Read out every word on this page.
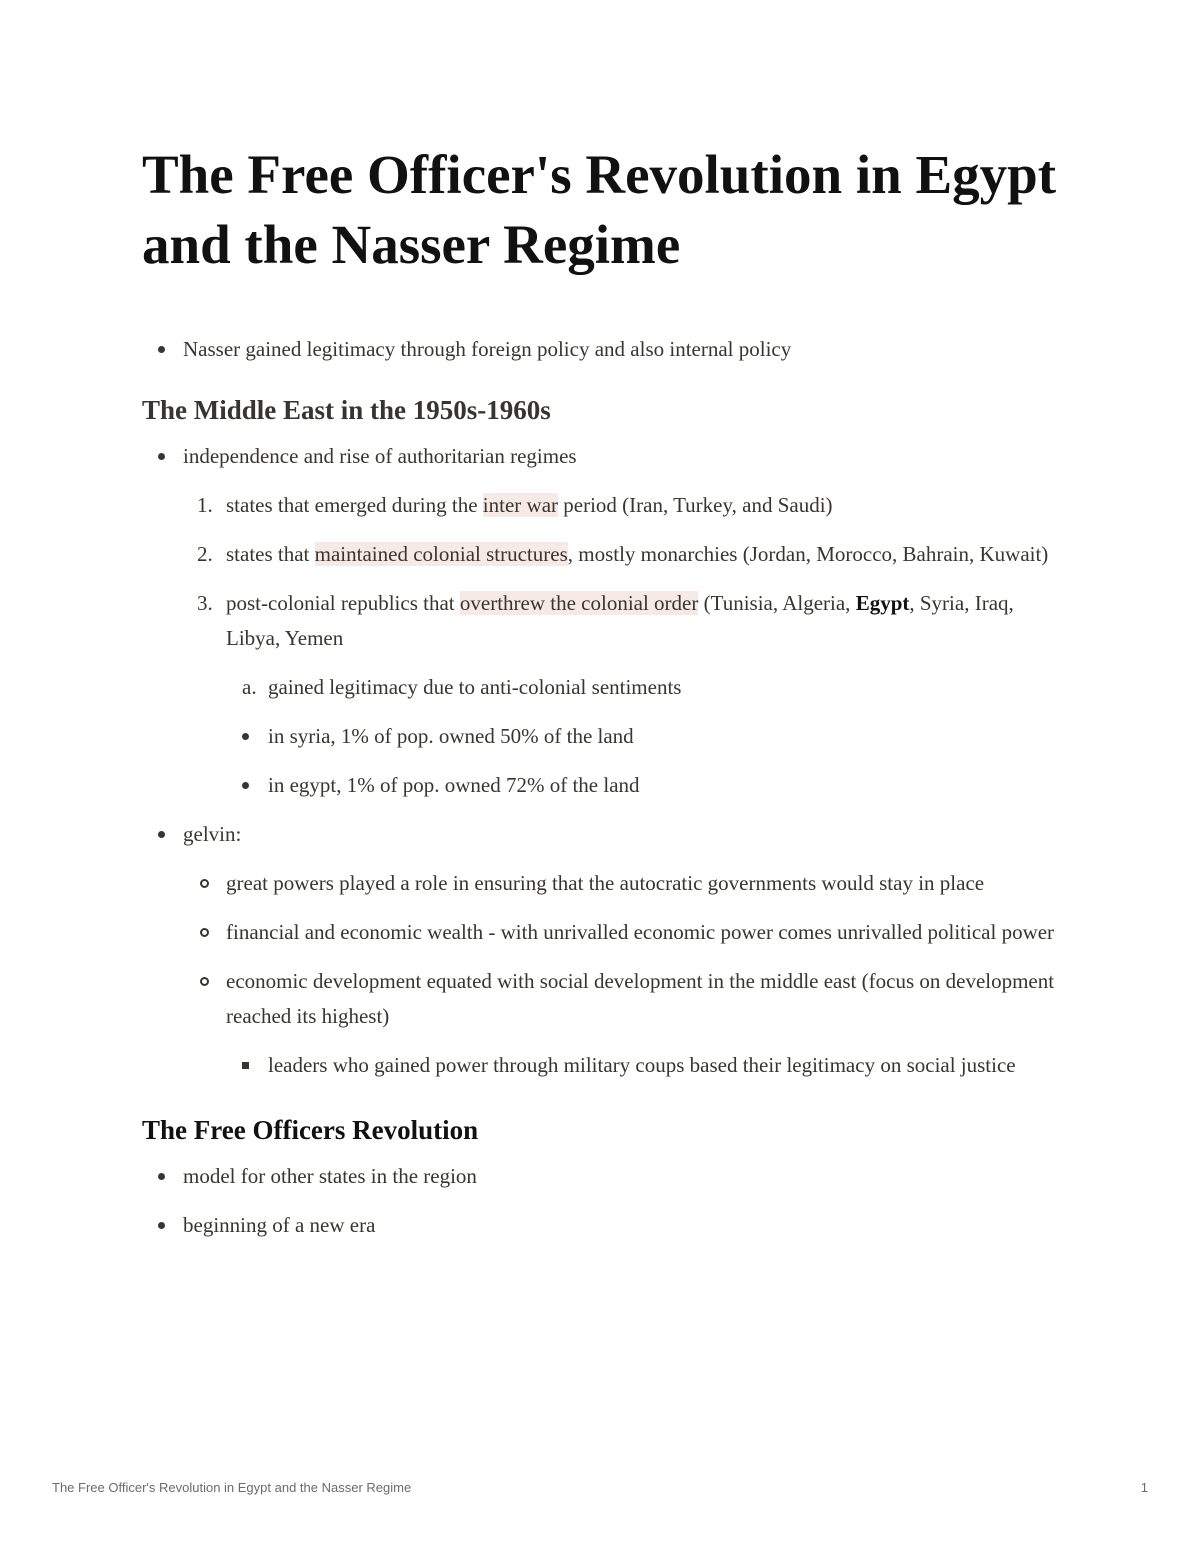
The Free Officer's Revolution in Egypt and the Nasser Regime
Nasser gained legitimacy through foreign policy and also internal policy
The Middle East in the 1950s-1960s
independence and rise of authoritarian regimes
1. states that emerged during the inter war period (Iran, Turkey, and Saudi)
2. states that maintained colonial structures, mostly monarchies (Jordan, Morocco, Bahrain, Kuwait)
3. post-colonial republics that overthrew the colonial order (Tunisia, Algeria, Egypt, Syria, Iraq, Libya, Yemen
a. gained legitimacy due to anti-colonial sentiments
in syria, 1% of pop. owned 50% of the land
in egypt, 1% of pop. owned 72% of the land
gelvin:
great powers played a role in ensuring that the autocratic governments would stay in place
financial and economic wealth - with unrivalled economic power comes unrivalled political power
economic development equated with social development in the middle east (focus on development reached its highest)
leaders who gained power through military coups based their legitimacy on social justice
The Free Officers Revolution
model for other states in the region
beginning of a new era
The Free Officer's Revolution in Egypt and the Nasser Regime	1
